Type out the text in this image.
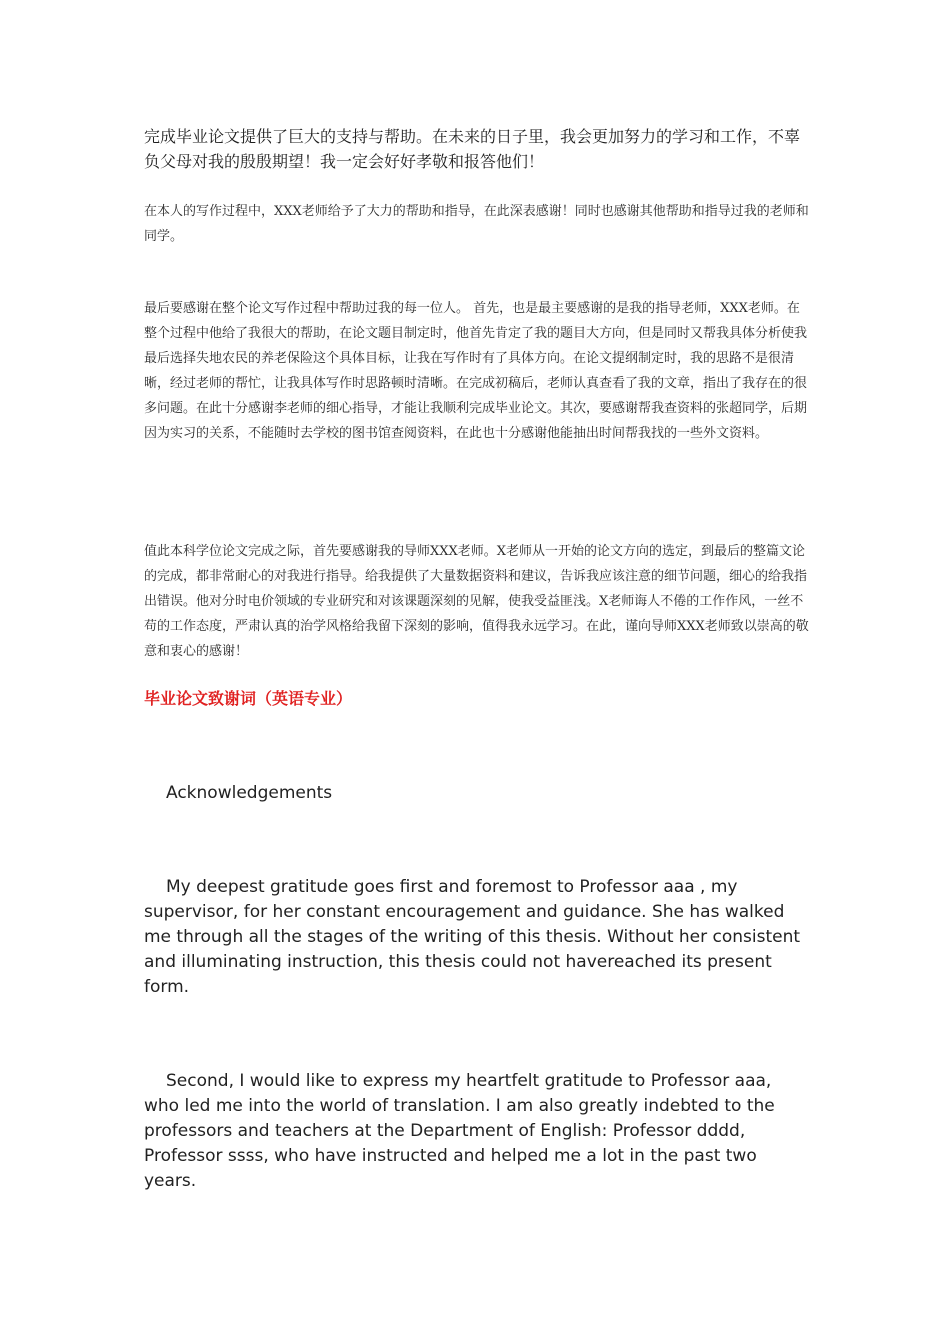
完成毕业论文提供了巨大的支持与帮助。在未来的日子里，我会更加努力的学习和工作，不辜负父母对我的殷殷期望！我一定会好好孝敬和报答他们！

在本人的写作过程中，XXX老师给予了大力的帮助和指导，在此深表感谢！同时也感谢其他帮助和指导过我的老师和同学。

最后要感谢在整个论文写作过程中帮助过我的每一位人。 首先，也是最主要感谢的是我的指导老师，XXX老师。在整个过程中他给了我很大的帮助，在论文题目制定时，他首先肯定了我的题目大方向，但是同时又帮我具体分析使我最后选择失地农民的养老保险这个具体目标，让我在写作时有了具体方向。在论文提纲制定时，我的思路不是很清晰，经过老师的帮忙，让我具体写作时思路顿时清晰。在完成初稿后，老师认真查看了我的文章，指出了我存在的很多问题。在此十分感谢李老师的细心指导，才能让我顺利完成毕业论文。其次，要感谢帮我查资料的张超同学，后期因为实习的关系，不能随时去学校的图书馆查阅资料，在此也十分感谢他能抽出时间帮我找的一些外文资料。

值此本科学位论文完成之际，首先要感谢我的导师XXX老师。X老师从一开始的论文方向的选定，到最后的整篇文论的完成，都非常耐心的对我进行指导。给我提供了大量数据资料和建议，告诉我应该注意的细节问题，细心的给我指出错误。他对分时电价领域的专业研究和对该课题深刻的见解，使我受益匪浅。X老师诲人不倦的工作作风，一丝不苟的工作态度，严肃认真的治学风格给我留下深刻的影响，值得我永远学习。在此，谨向导师XXX老师致以崇高的敬意和衷心的感谢！

毕业论文致谢词（英语专业）

Acknowledgements

My deepest gratitude goes first and foremost to Professor aaa , my supervisor, for her constant encouragement and guidance. She has walked me through all the stages of the writing of this thesis. Without her consistent and illuminating instruction, this thesis could not havereached its present form.

Second, I would like to express my heartfelt gratitude to Professor aaa, who led me into the world of translation. I am also greatly indebted to the professors and teachers at the Department of English: Professor dddd, Professor ssss, who have instructed and helped me a lot in the past two years.
